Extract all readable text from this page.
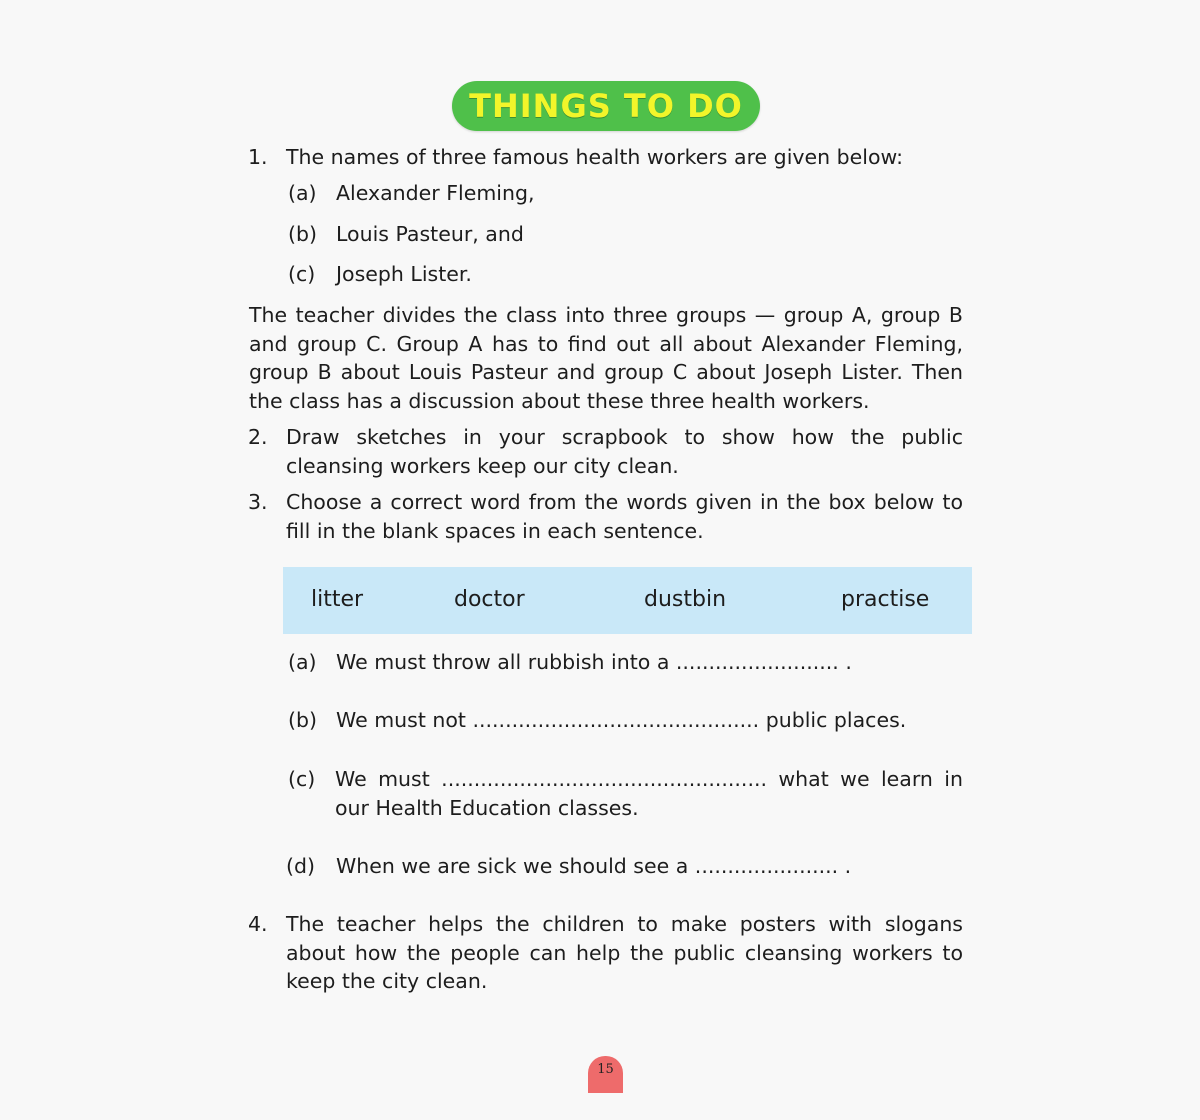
THINGS TO DO
1. The names of three famous health workers are given below:
(a) Alexander Fleming,
(b) Louis Pasteur, and
(c) Joseph Lister.
The teacher divides the class into three groups — group A, group B and group C. Group A has to find out all about Alexander Fleming, group B about Louis Pasteur and group C about Joseph Lister. Then the class has a discussion about these three health workers.
2. Draw sketches in your scrapbook to show how the public cleansing workers keep our city clean.
3. Choose a correct word from the words given in the box below to fill in the blank spaces in each sentence.
litter	doctor	dustbin	practise
(a) We must throw all rubbish into a ......................... .
(b) We must not ............................................ public places.
(c) We must .................................................. what we learn in our Health Education classes.
(d) When we are sick we should see a ...................... .
4. The teacher helps the children to make posters with slogans about how the people can help the public cleansing workers to keep the city clean.
15
